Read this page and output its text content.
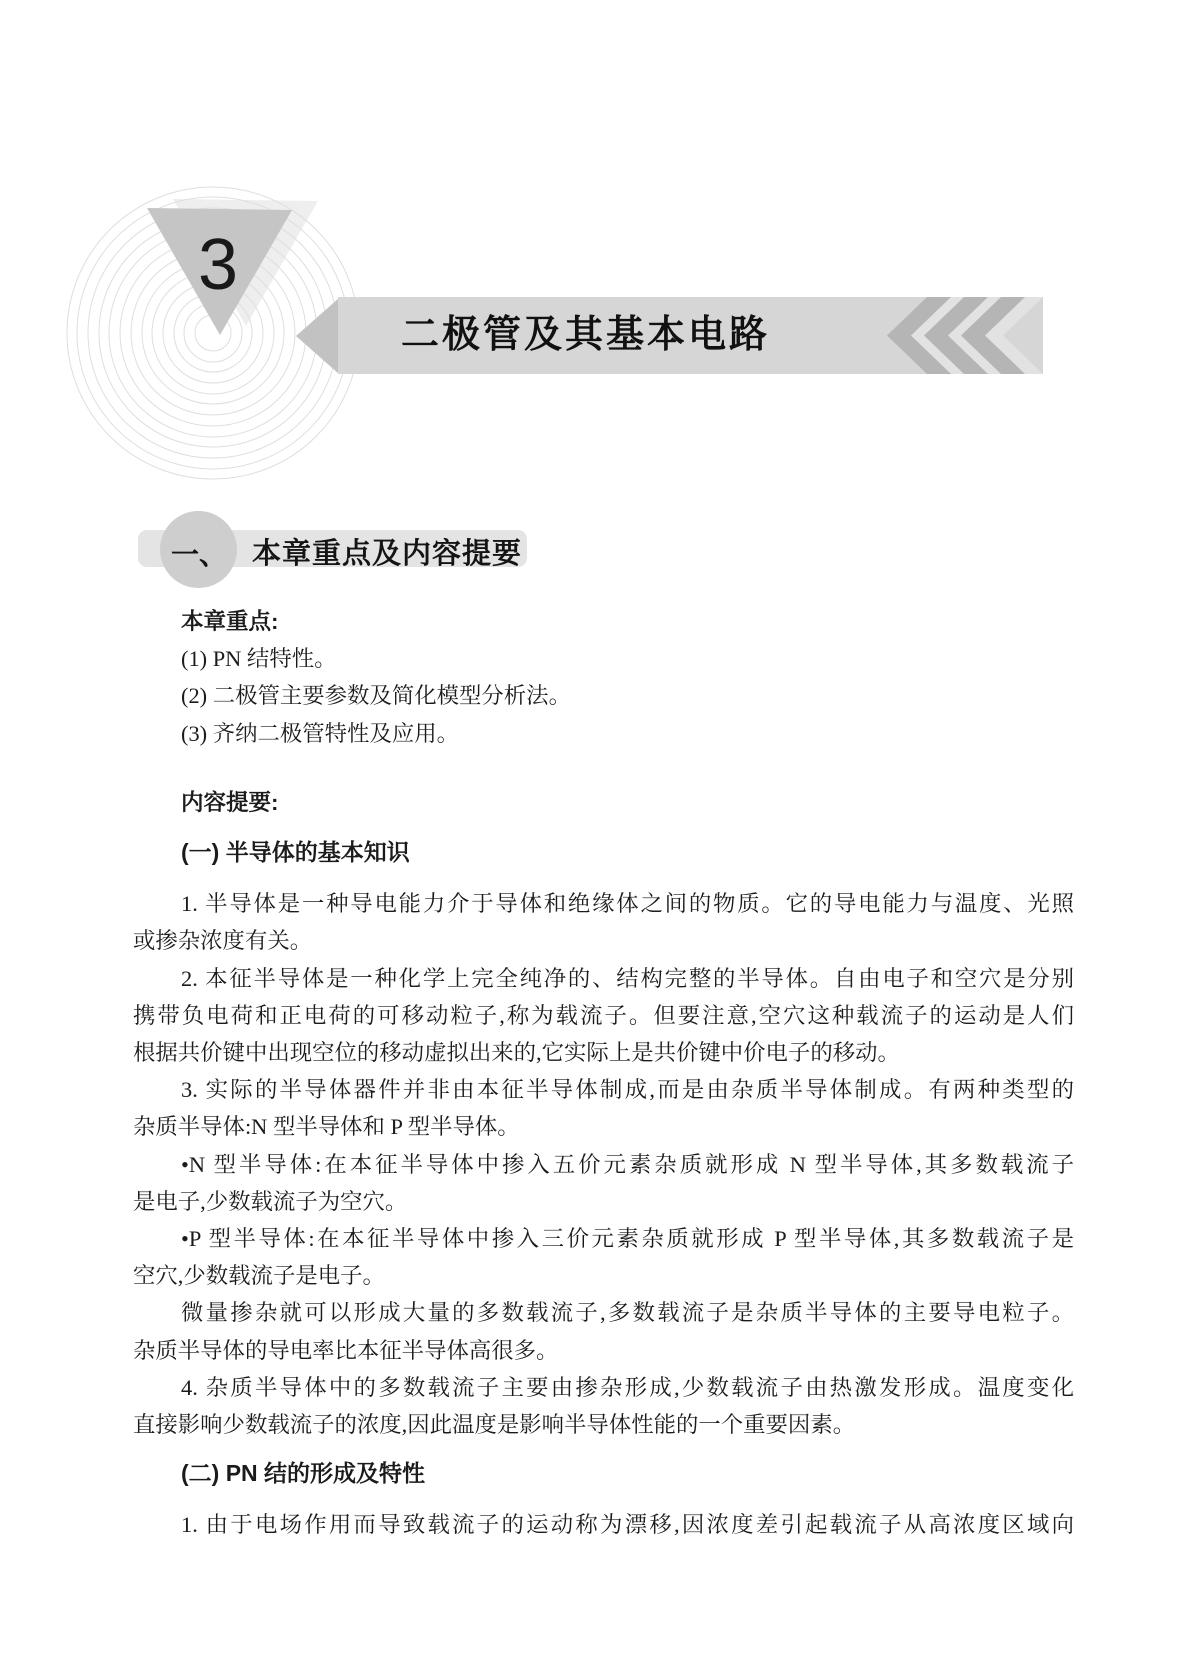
3
二极管及其基本电路
一、 本章重点及内容提要
本章重点:
(1) PN 结特性。
(2) 二极管主要参数及简化模型分析法。
(3) 齐纳二极管特性及应用。
内容提要:
(一) 半导体的基本知识
1. 半导体是一种导电能力介于导体和绝缘体之间的物质。它的导电能力与温度、光照
或掺杂浓度有关。
2. 本征半导体是一种化学上完全纯净的、结构完整的半导体。自由电子和空穴是分别
携带负电荷和正电荷的可移动粒子,称为载流子。但要注意,空穴这种载流子的运动是人们
根据共价键中出现空位的移动虚拟出来的,它实际上是共价键中价电子的移动。
3. 实际的半导体器件并非由本征半导体制成,而是由杂质半导体制成。有两种类型的
杂质半导体:N 型半导体和 P 型半导体。
•N 型半导体:在本征半导体中掺入五价元素杂质就形成 N 型半导体,其多数载流子
是电子,少数载流子为空穴。
•P 型半导体:在本征半导体中掺入三价元素杂质就形成 P 型半导体,其多数载流子是
空穴,少数载流子是电子。
微量掺杂就可以形成大量的多数载流子,多数载流子是杂质半导体的主要导电粒子。
杂质半导体的导电率比本征半导体高很多。
4. 杂质半导体中的多数载流子主要由掺杂形成,少数载流子由热激发形成。温度变化
直接影响少数载流子的浓度,因此温度是影响半导体性能的一个重要因素。
(二) PN 结的形成及特性
1. 由于电场作用而导致载流子的运动称为漂移,因浓度差引起载流子从高浓度区域向
